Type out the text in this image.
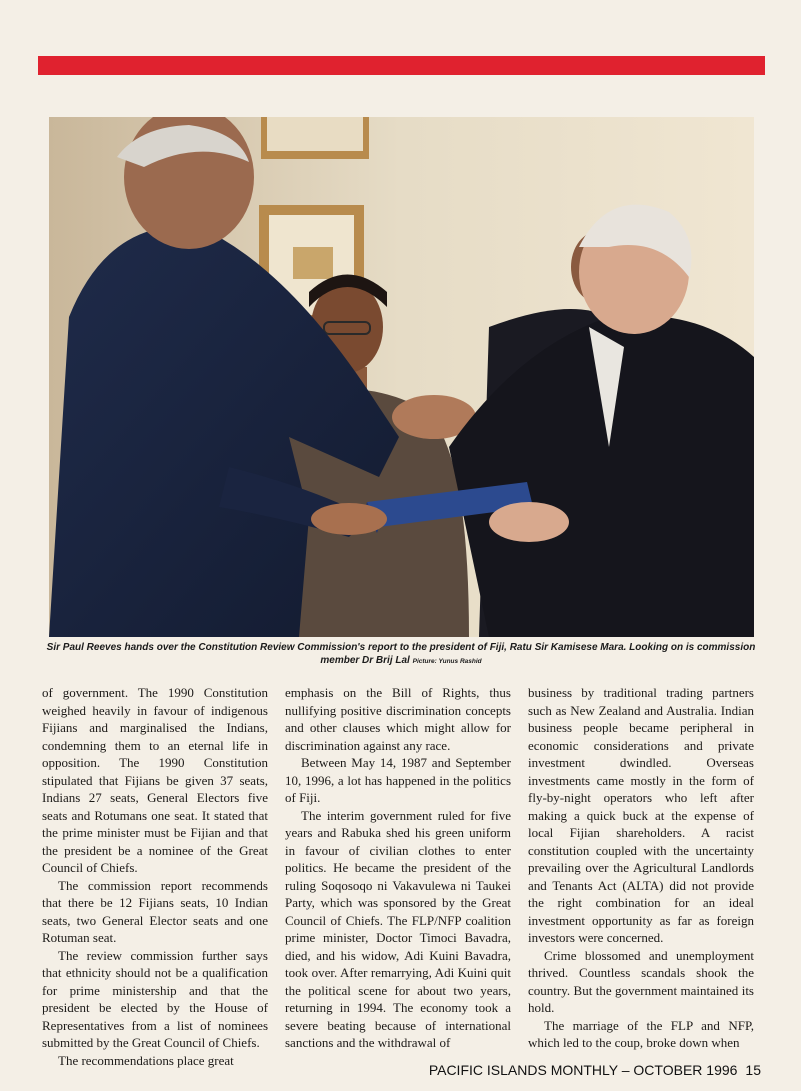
Sir Paul Reeves hands over the Constitution Review Commission's report to the president of Fiji, Ratu Sir Kamisese Mara. Looking on is commission member Dr Brij Lal Picture: Yunus Rashid

of government. The 1990 Constitution weighed heavily in favour of indigenous Fijians and marginalised the Indians, condemning them to an eternal life in opposition. The 1990 Constitution stipulated that Fijians be given 37 seats, Indians 27 seats, General Electors five seats and Rotumans one seat. It stated that the prime minister must be Fijian and that the president be a nominee of the Great Council of Chiefs.

The commission report recommends that there be 12 Fijians seats, 10 Indian seats, two General Elector seats and one Rotuman seat.

The review commission further says that ethnicity should not be a qualification for prime ministership and that the president be elected by the House of Representatives from a list of nominees submitted by the Great Council of Chiefs.

The recommendations place great

emphasis on the Bill of Rights, thus nullifying positive discrimination concepts and other clauses which might allow for discrimination against any race.

Between May 14, 1987 and September 10, 1996, a lot has happened in the politics of Fiji.

The interim government ruled for five years and Rabuka shed his green uniform in favour of civilian clothes to enter politics. He became the president of the ruling Soqosoqo ni Vakavulewa ni Taukei Party, which was sponsored by the Great Council of Chiefs. The FLP/NFP coalition prime minister, Doctor Timoci Bavadra, died, and his widow, Adi Kuini Bavadra, took over. After remarrying, Adi Kuini quit the political scene for about two years, returning in 1994. The economy took a severe beating because of international sanctions and the withdrawal of

business by traditional trading partners such as New Zealand and Australia. Indian business people became peripheral in economic considerations and private investment dwindled. Overseas investments came mostly in the form of fly-by-night operators who left after making a quick buck at the expense of local Fijian shareholders. A racist constitution coupled with the uncertainty prevailing over the Agricultural Landlords and Tenants Act (ALTA) did not provide the right combination for an ideal investment opportunity as far as foreign investors were concerned.

Crime blossomed and unemployment thrived. Countless scandals shook the country. But the government maintained its hold.

The marriage of the FLP and NFP, which led to the coup, broke down when

PACIFIC ISLANDS MONTHLY – OCTOBER 1996 15
